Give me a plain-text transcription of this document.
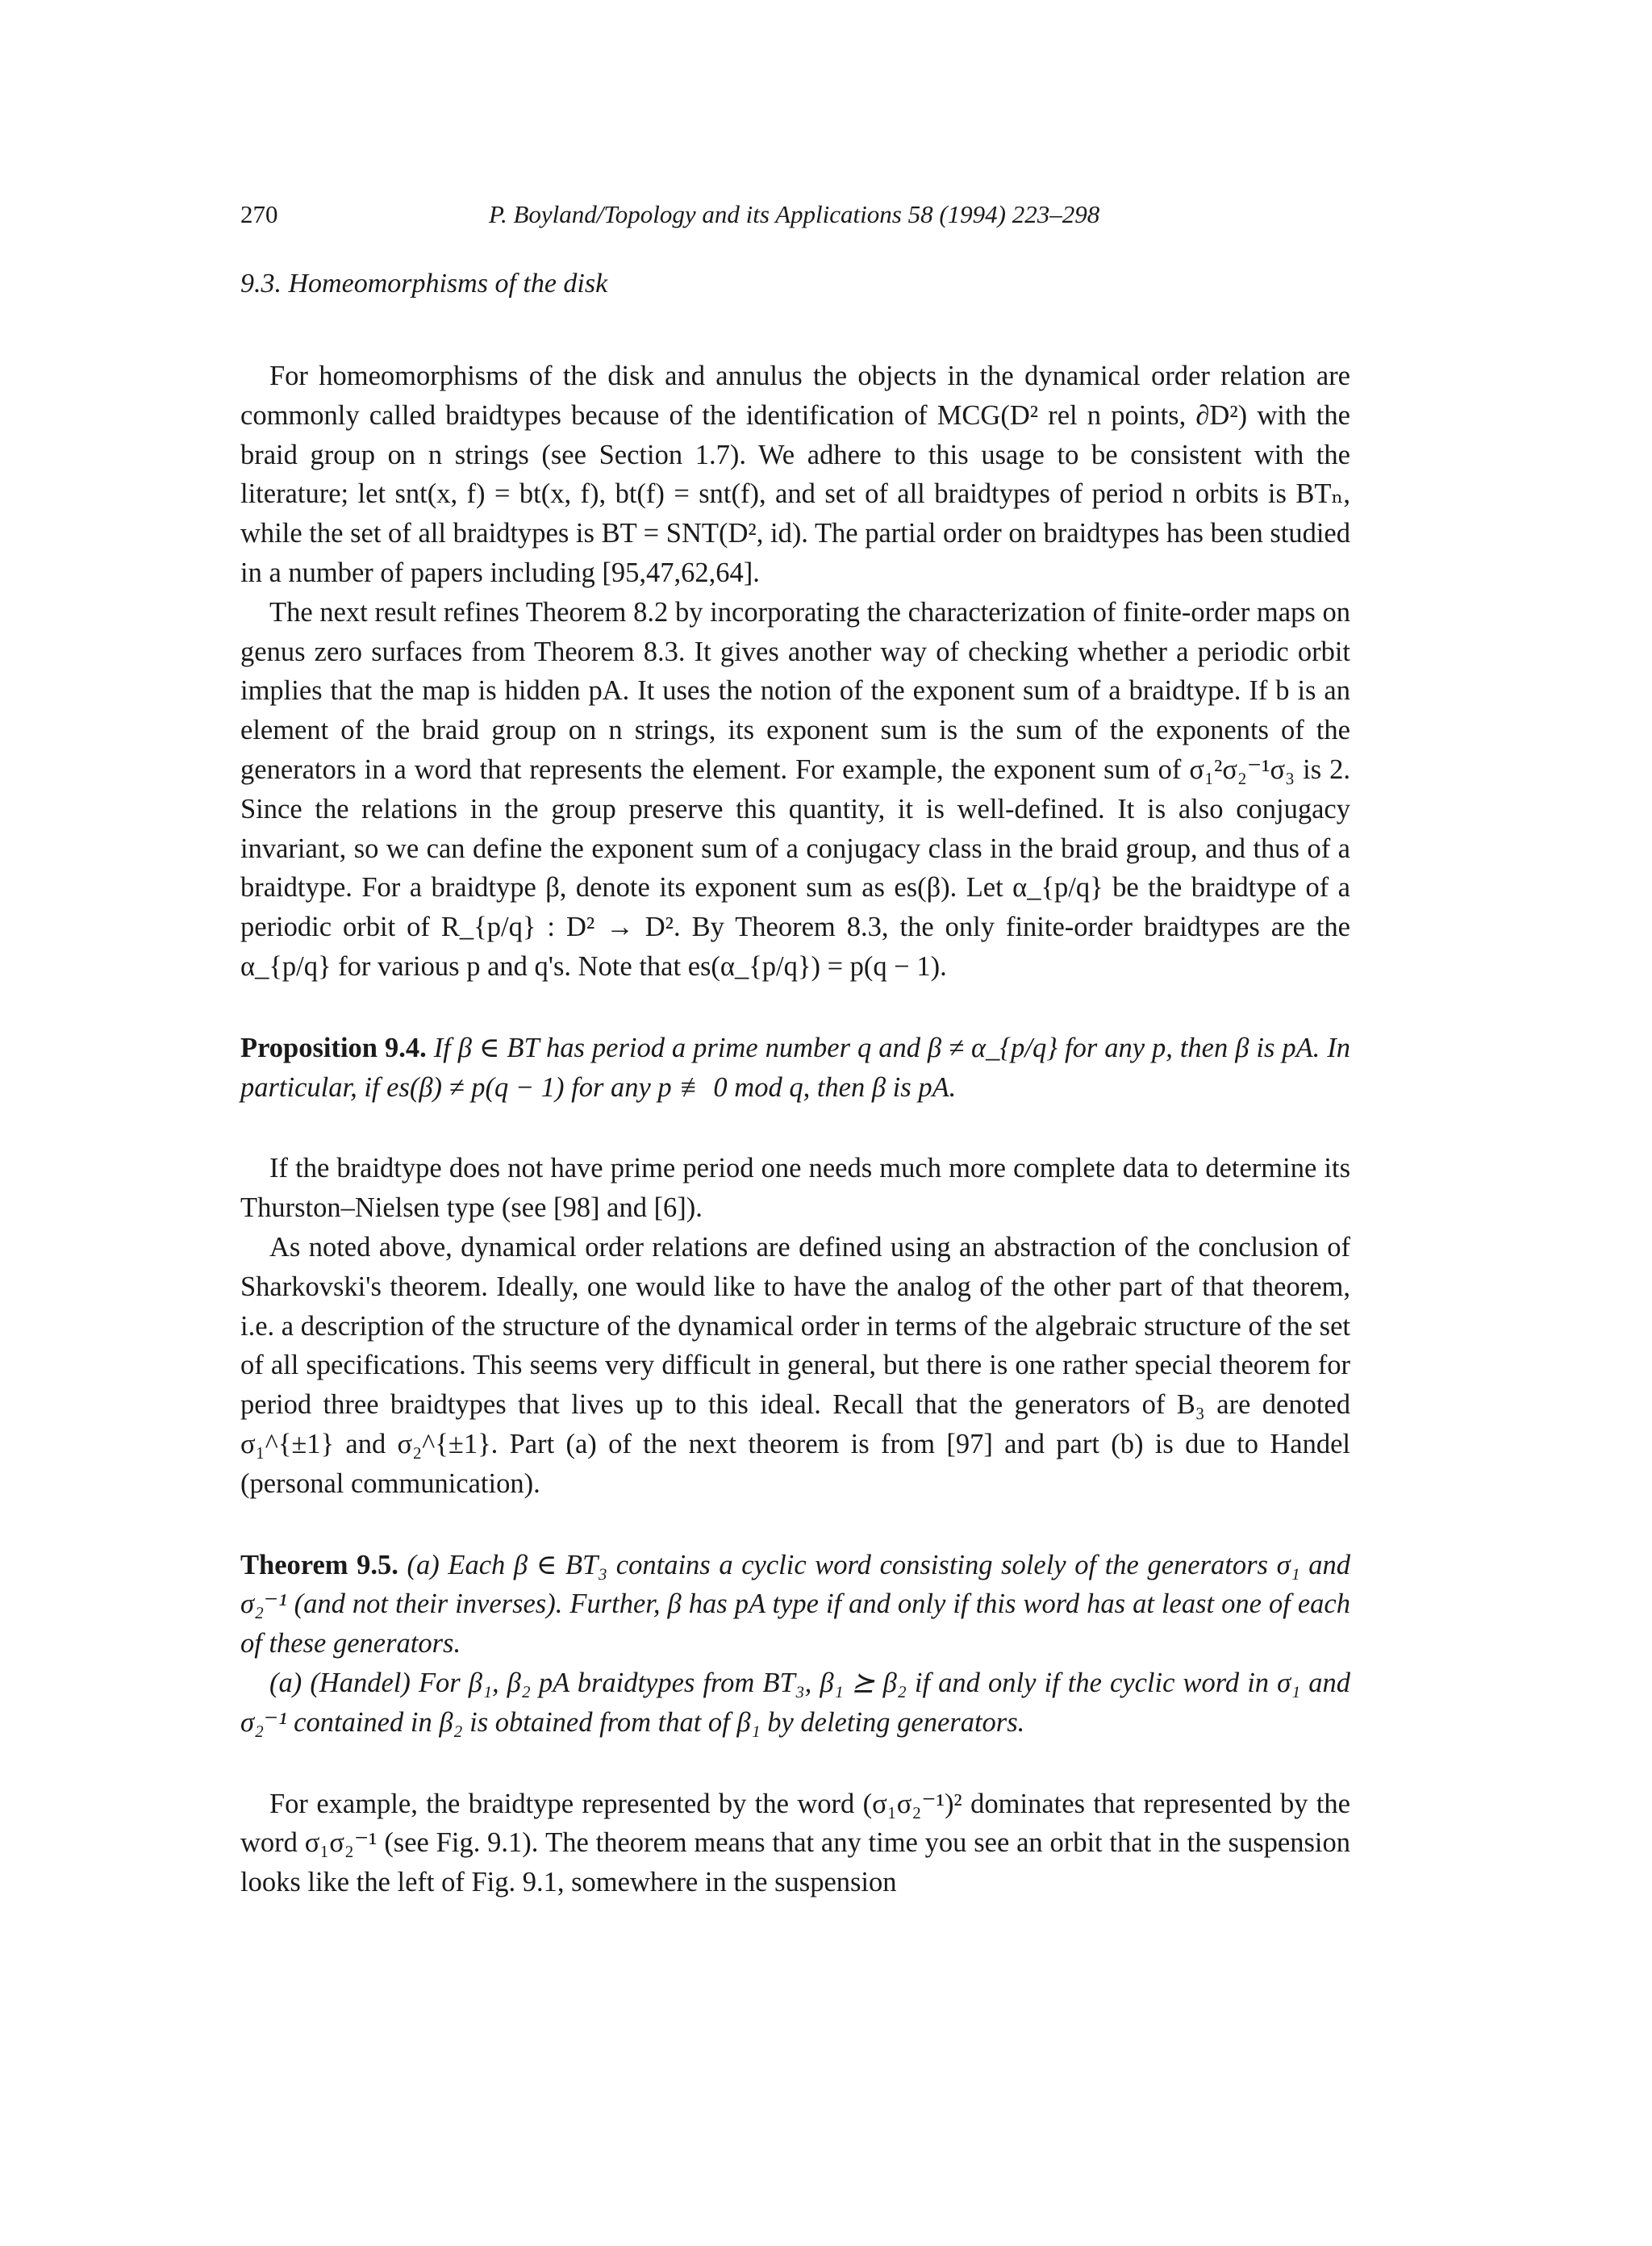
270	P. Boyland/Topology and its Applications 58 (1994) 223–298
9.3. Homeomorphisms of the disk

For homeomorphisms of the disk and annulus the objects in the dynamical order relation are commonly called braidtypes because of the identification of MCG(D² rel n points, ∂D²) with the braid group on n strings (see Section 1.7). We adhere to this usage to be consistent with the literature; let snt(x, f) = bt(x, f), bt(f) = snt(f), and set of all braidtypes of period n orbits is BTₙ, while the set of all braidtypes is BT = SNT(D², id). The partial order on braidtypes has been studied in a number of papers including [95,47,62,64].

The next result refines Theorem 8.2 by incorporating the characterization of finite-order maps on genus zero surfaces from Theorem 8.3. It gives another way of checking whether a periodic orbit implies that the map is hidden pA. It uses the notion of the exponent sum of a braidtype. If b is an element of the braid group on n strings, its exponent sum is the sum of the exponents of the generators in a word that represents the element. For example, the exponent sum of σ₁²σ₂⁻¹σ₃ is 2. Since the relations in the group preserve this quantity, it is well-defined. It is also conjugacy invariant, so we can define the exponent sum of a conjugacy class in the braid group, and thus of a braidtype. For a braidtype β, denote its exponent sum as es(β). Let α_{p/q} be the braidtype of a periodic orbit of R_{p/q} : D² → D². By Theorem 8.3, the only finite-order braidtypes are the α_{p/q} for various p and q's. Note that es(α_{p/q}) = p(q − 1).

Proposition 9.4. If β ∈ BT has period a prime number q and β ≠ α_{p/q} for any p, then β is pA. In particular, if es(β) ≠ p(q − 1) for any p ≢ 0 mod q, then β is pA.

If the braidtype does not have prime period one needs much more complete data to determine its Thurston–Nielsen type (see [98] and [6]).

As noted above, dynamical order relations are defined using an abstraction of the conclusion of Sharkovski's theorem. Ideally, one would like to have the analog of the other part of that theorem, i.e. a description of the structure of the dynamical order in terms of the algebraic structure of the set of all specifications. This seems very difficult in general, but there is one rather special theorem for period three braidtypes that lives up to this ideal. Recall that the generators of B₃ are denoted σ₁^{±1} and σ₂^{±1}. Part (a) of the next theorem is from [97] and part (b) is due to Handel (personal communication).

Theorem 9.5. (a) Each β ∈ BT₃ contains a cyclic word consisting solely of the generators σ₁ and σ₂⁻¹ (and not their inverses). Further, β has pA type if and only if this word has at least one of each of these generators.

(a) (Handel) For β₁, β₂ pA braidtypes from BT₃, β₁ ⪰ β₂ if and only if the cyclic word in σ₁ and σ₂⁻¹ contained in β₂ is obtained from that of β₁ by deleting generators.

For example, the braidtype represented by the word (σ₁σ₂⁻¹)² dominates that represented by the word σ₁σ₂⁻¹ (see Fig. 9.1). The theorem means that any time you see an orbit that in the suspension looks like the left of Fig. 9.1, somewhere in the suspension
